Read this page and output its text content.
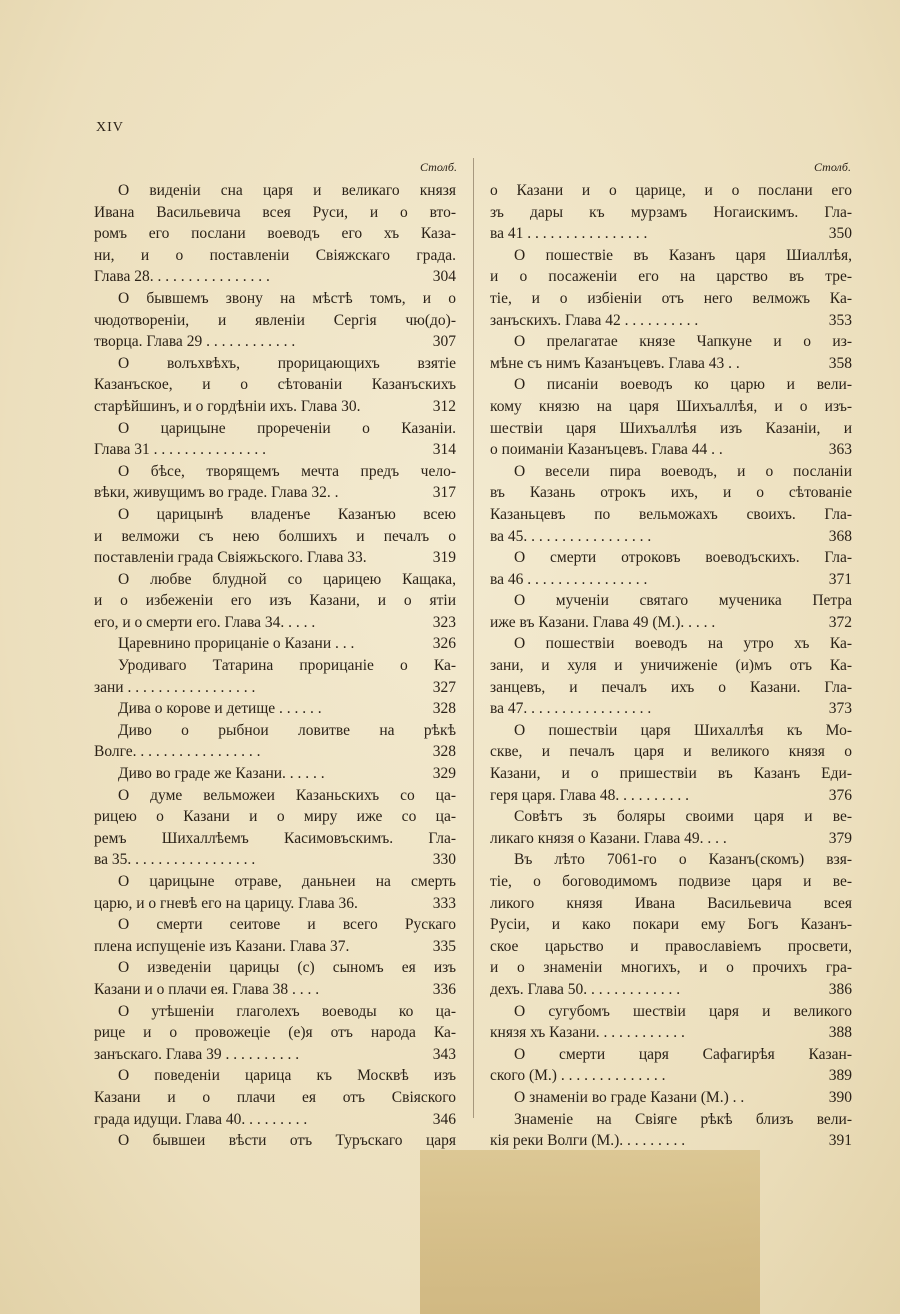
XIV
Столб.
О виденіи сна царя и великаго князя
Ивана Васильевича всея Руси, и о вто-
ромъ его послани воеводъ его хъ Каза-
ни, и о поставленіи Свіяжскаго града.
Глава 28. . . . . . . . . . . . . . . .	304
О бывшемъ звону на мѣстѣ томъ, и о
чюдотвореніи, и явленіи Сергія чю(до)-
творца. Глава 29 . . . . . . . . . . . .	307
О волъхвѣхъ, прорицающихъ взятіе
Казанъское, и о сѣтованіи Казанъскихъ
старѣйшинъ, и о гордѣніи ихъ. Глава 30.	312
О царицыне прореченіи о Казаніи.
Глава 31 . . . . . . . . . . . . . . .	314
О бѣсе, творящемъ мечта предъ чело-
вѣки, живущимъ во граде. Глава 32. .	317
О царицынѣ владенъе Казанъю всею
и велможи съ нею болшихъ и печалъ о
поставленіи града Свіяжьского. Глава 33.	319
О любве блудной со царицею Кащака,
и о избеженіи его изъ Казани, и о ятіи
его, и о смерти его. Глава 34. . . . .	323
Царевнино прорицаніе о Казани . . .	326
Уродиваго Татарина прорицаніе о Ка-
зани . . . . . . . . . . . . . . . . .	327
Дива о корове и детище . . . . . .	328
Диво о рыбнои ловитве на рѣкѣ
Волге. . . . . . . . . . . . . . . . .	328
Диво во граде же Казани. . . . . .	329
О думе вельможеи Казаньскихъ со ца-
рицею о Казани и о миру иже со ца-
ремъ Шихаллѣемъ Касимовъскимъ. Гла-
ва 35. . . . . . . . . . . . . . . . .	330
О царицыне отраве, даньнеи на смерть
царю, и о гневѣ его на царицу. Глава 36.	333
О смерти сеитове и всего Рускаго
плена испущеніе изъ Казани. Глава 37.	335
О изведеніи царицы (с) сыномъ ея изъ
Казани и о плачи ея. Глава 38 . . . .	336
О утѣшеніи глаголехъ воеводы ко ца-
рице и о провожеціе (е)я отъ народа Ка-
занъскаго. Глава 39 . . . . . . . . . .	343
О поведеніи царица къ Москвѣ изъ
Казани и о плачи ея отъ Свіяского
града идущи. Глава 40. . . . . . . . .	346
О бывшеи вѣсти отъ Туръскаго царя
Столб.
о Казани и о царице, и о послани его
зъ дары къ мурзамъ Ногаискимъ. Гла-
ва 41 . . . . . . . . . . . . . . . .	350
О пошествіе въ Казанъ царя Шиаллѣя,
и о посаженіи его на царство въ тре-
тіе, и о избіеніи отъ него велможъ Ка-
занъскихъ. Глава 42 . . . . . . . . . .	353
О прелагатае князе Чапкуне и о из-
мѣне съ нимъ Казанъцевъ. Глава 43 . .	358
О писаніи воеводъ ко царю и вели-
кому князю на царя Шихъаллѣя, и о изъ-
шествіи царя Шихъаллѣя изъ Казаніи, и
о поиманіи Казанъцевъ. Глава 44 . .	363
О весели пира воеводъ, и о посланіи
въ Казань отрокъ ихъ, и о сѣтованіе
Казаньцевъ по вельможахъ своихъ. Гла-
ва 45. . . . . . . . . . . . . . . . .	368
О смерти отроковъ воеводъскихъ. Гла-
ва 46 . . . . . . . . . . . . . . . .	371
О мученіи святаго мученика Петра
иже въ Казани. Глава 49 (М.). . . . .	372
О пошествіи воеводъ на утро хъ Ка-
зани, и хуля и уничиженіе (и)мъ отъ Ка-
занцевъ, и печалъ ихъ о Казани. Гла-
ва 47. . . . . . . . . . . . . . . . .	373
О пошествіи царя Шихаллѣя къ Мо-
скве, и печалъ царя и великого князя о
Казани, и о пришествіи въ Казанъ Еди-
геря царя. Глава 48. . . . . . . . . .	376
Совѣтъ зъ боляры своими царя и ве-
ликаго князя о Казани. Глава 49. . . .	379
Въ лѣто 7061-го о Казанъ(скомъ) взя-
тіе, о боговодимомъ подвизе царя и ве-
ликого князя Ивана Васильевича всея
Русіи, и како покари ему Богъ Казанъ-
ское царьство и православіемъ просвети,
и о знаменіи многихъ, и о прочихъ гра-
дехъ. Глава 50. . . . . . . . . . . . .	386
О сугубомъ шествіи царя и великого
князя хъ Казани. . . . . . . . . . . .	388
О смерти царя Сафагирѣя Казан-
ского (М.) . . . . . . . . . . . . . .	389
О знаменіи во граде Казани (М.) . .	390
Знаменіе на Свіяге рѣкѣ близъ вели-
кія реки Волги (М.). . . . . . . . .	391
